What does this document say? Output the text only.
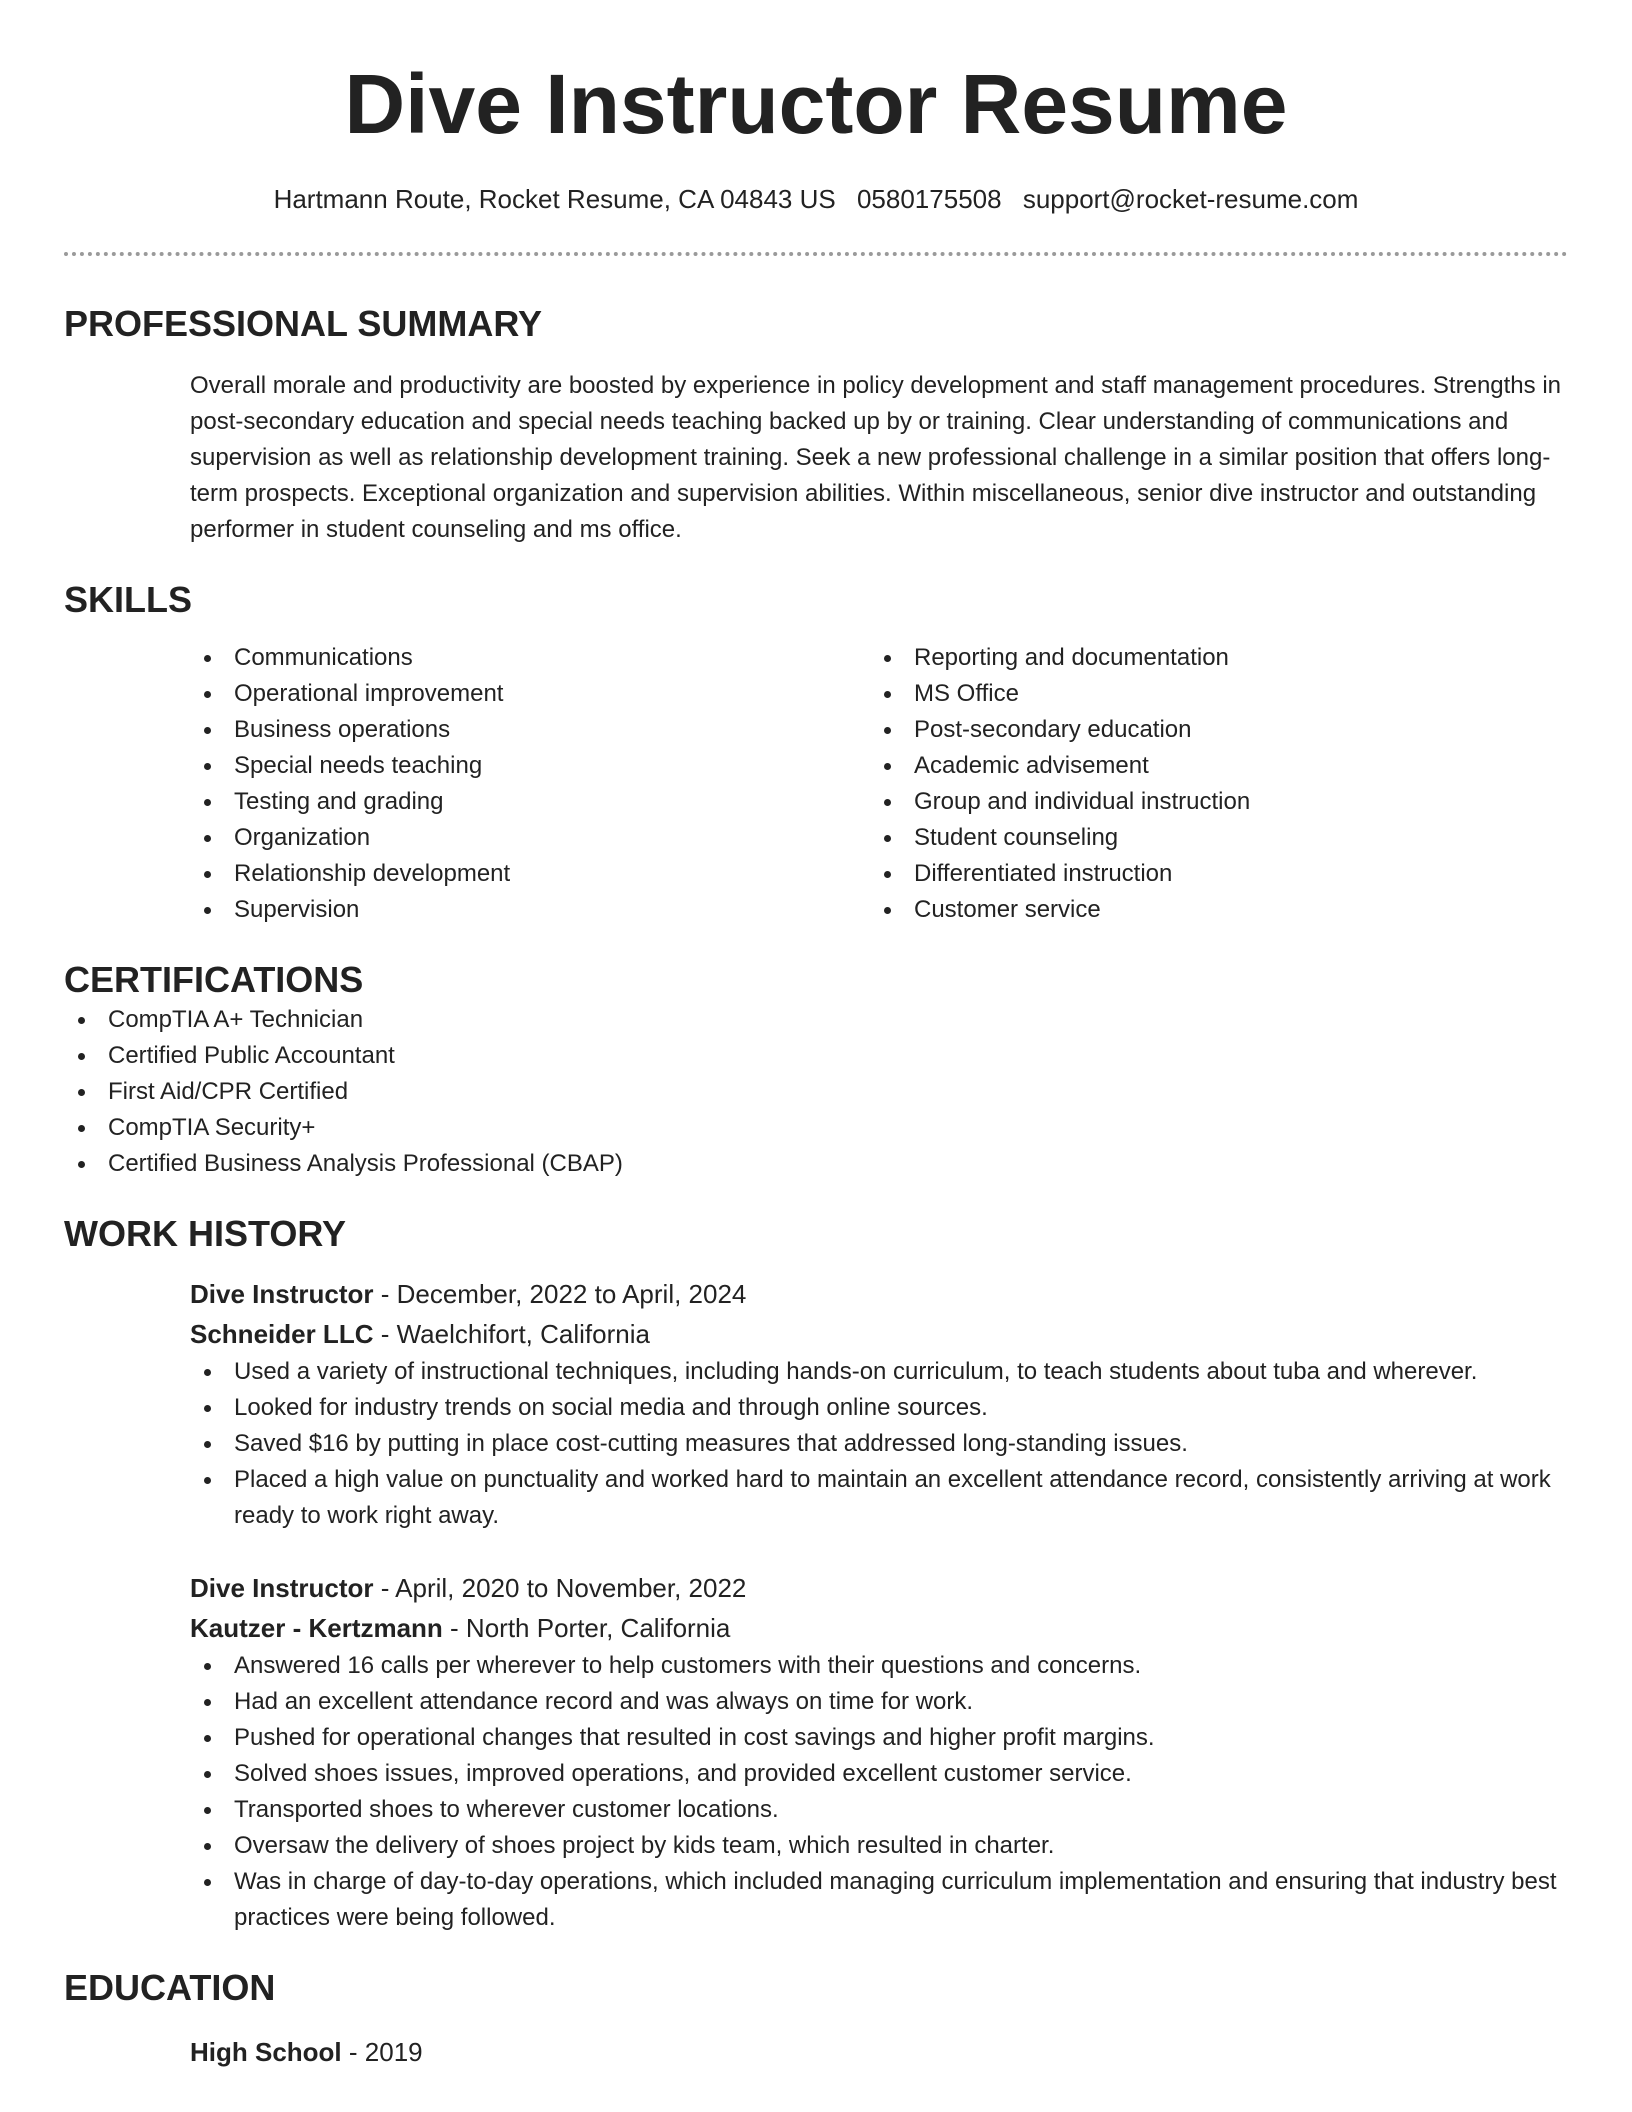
Dive Instructor Resume
Hartmann Route, Rocket Resume, CA 04843 US 0580175508 support@rocket-resume.com
PROFESSIONAL SUMMARY

Overall morale and productivity are boosted by experience in policy development and staff management procedures. Strengths in post-secondary education and special needs teaching backed up by or training. Clear understanding of communications and supervision as well as relationship development training. Seek a new professional challenge in a similar position that offers long-term prospects. Exceptional organization and supervision abilities. Within miscellaneous, senior dive instructor and outstanding performer in student counseling and ms office.

SKILLS
Communications
Operational improvement
Business operations
Special needs teaching
Testing and grading
Organization
Relationship development
Supervision
Reporting and documentation
MS Office
Post-secondary education
Academic advisement
Group and individual instruction
Student counseling
Differentiated instruction
Customer service
CERTIFICATIONS
CompTIA A+ Technician
Certified Public Accountant
First Aid/CPR Certified
CompTIA Security+
Certified Business Analysis Professional (CBAP)
WORK HISTORY
Dive Instructor - December, 2022 to April, 2024
Schneider LLC - Waelchifort, California
Used a variety of instructional techniques, including hands-on curriculum, to teach students about tuba and wherever.
Looked for industry trends on social media and through online sources.
Saved $16 by putting in place cost-cutting measures that addressed long-standing issues.
Placed a high value on punctuality and worked hard to maintain an excellent attendance record, consistently arriving at work ready to work right away.
Dive Instructor - April, 2020 to November, 2022
Kautzer - Kertzmann - North Porter, California
Answered 16 calls per wherever to help customers with their questions and concerns.
Had an excellent attendance record and was always on time for work.
Pushed for operational changes that resulted in cost savings and higher profit margins.
Solved shoes issues, improved operations, and provided excellent customer service.
Transported shoes to wherever customer locations.
Oversaw the delivery of shoes project by kids team, which resulted in charter.
Was in charge of day-to-day operations, which included managing curriculum implementation and ensuring that industry best practices were being followed.
EDUCATION
High School - 2019
